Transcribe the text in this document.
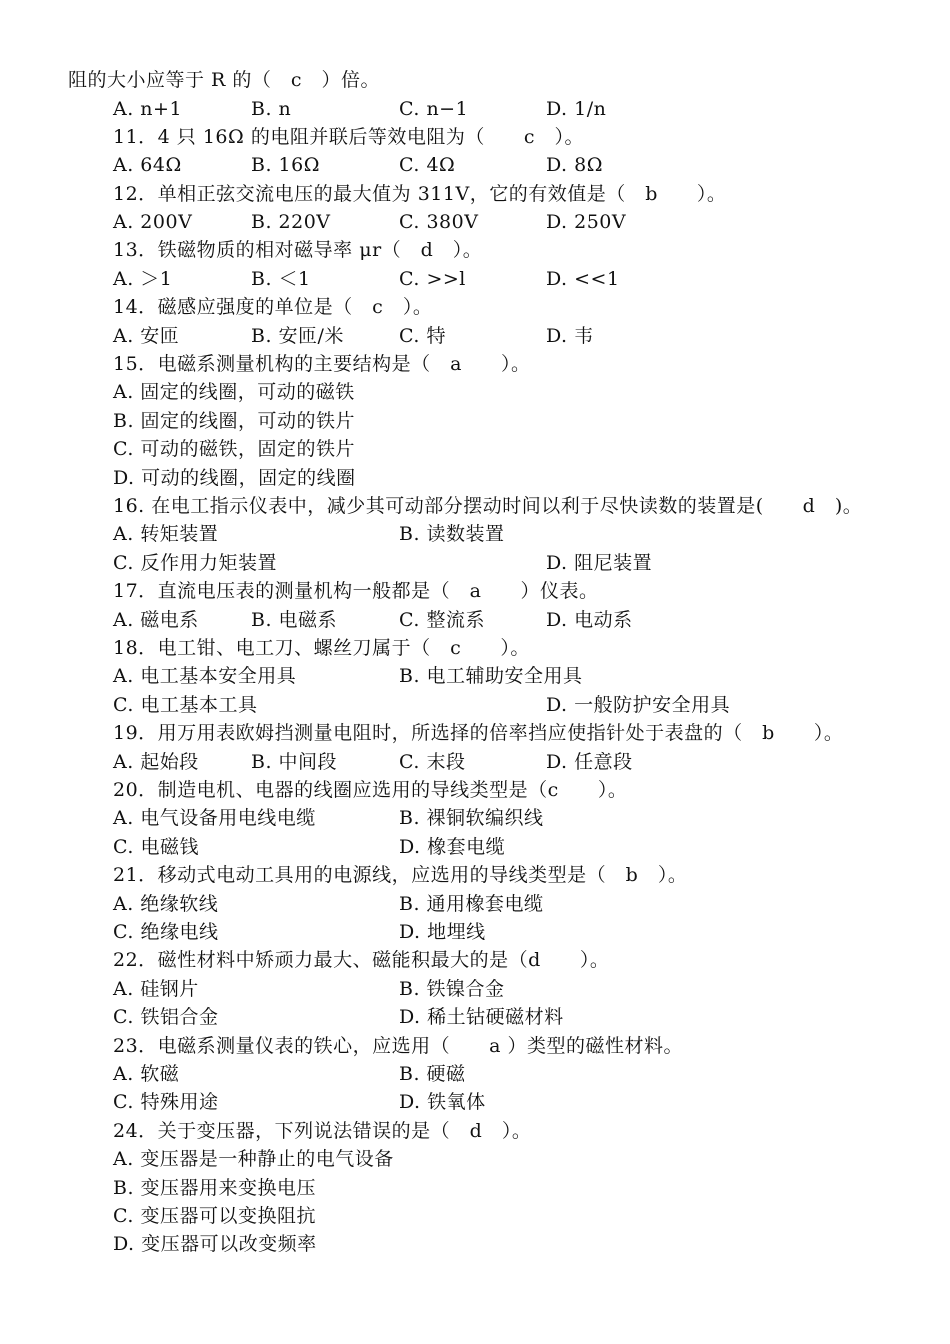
阻的大小应等于 R 的（　c　）倍。
A. n+1	B. n	C. n−1	D. 1/n
11．4 只 16Ω 的电阻并联后等效电阻为（　　c　）。
A. 64Ω	B. 16Ω	C. 4Ω	D. 8Ω
12．单相正弦交流电压的最大值为 311V，它的有效值是（　b　　）。
A. 200V	B. 220V	C. 380V	D. 250V
13．铁磁物质的相对磁导率 μr（　d　）。
A. ＞1	B. ＜1	C. >>l	D. <<1
14．磁感应强度的单位是（　c　）。
A. 安匝	B. 安匝/米	C. 特	D. 韦
15．电磁系测量机构的主要结构是（　a　　）。
A. 固定的线圈，可动的磁铁
B. 固定的线圈，可动的铁片
C. 可动的磁铁，固定的铁片
D. 可动的线圈，固定的线圈
16. 在电工指示仪表中，减少其可动部分摆动时间以利于尽快读数的装置是(　　d　)。
A. 转矩装置	B. 读数装置
C. 反作用力矩装置	D. 阻尼装置
17．直流电压表的测量机构一般都是（　a　　）仪表。
A. 磁电系	B. 电磁系	C. 整流系	D. 电动系
18．电工钳、电工刀、螺丝刀属于（　c　　）。
A. 电工基本安全用具	B. 电工辅助安全用具
C. 电工基本工具	D. 一般防护安全用具
19．用万用表欧姆挡测量电阻时，所选择的倍率挡应使指针处于表盘的（　b　　）。
A. 起始段	B. 中间段	C. 末段	D. 任意段
20．制造电机、电器的线圈应选用的导线类型是（c　　）。
A. 电气设备用电线电缆	B. 裸铜软编织线
C. 电磁钱	D. 橡套电缆
21．移动式电动工具用的电源线，应选用的导线类型是（　b　）。
A. 绝缘软线	B. 通用橡套电缆
C. 绝缘电线	D. 地埋线
22．磁性材料中矫顽力最大、磁能积最大的是（d　　）。
A. 硅钢片	B. 铁镍合金
C. 铁铝合金	D. 稀土钴硬磁材料
23．电磁系测量仪表的铁心，应选用（　　a ）类型的磁性材料。
A. 软磁	B. 硬磁
C. 特殊用途	D. 铁氧体
24．关于变压器，下列说法错误的是（　d　）。
A. 变压器是一种静止的电气设备
B. 变压器用来变换电压
C. 变压器可以变换阻抗
D. 变压器可以改变频率
